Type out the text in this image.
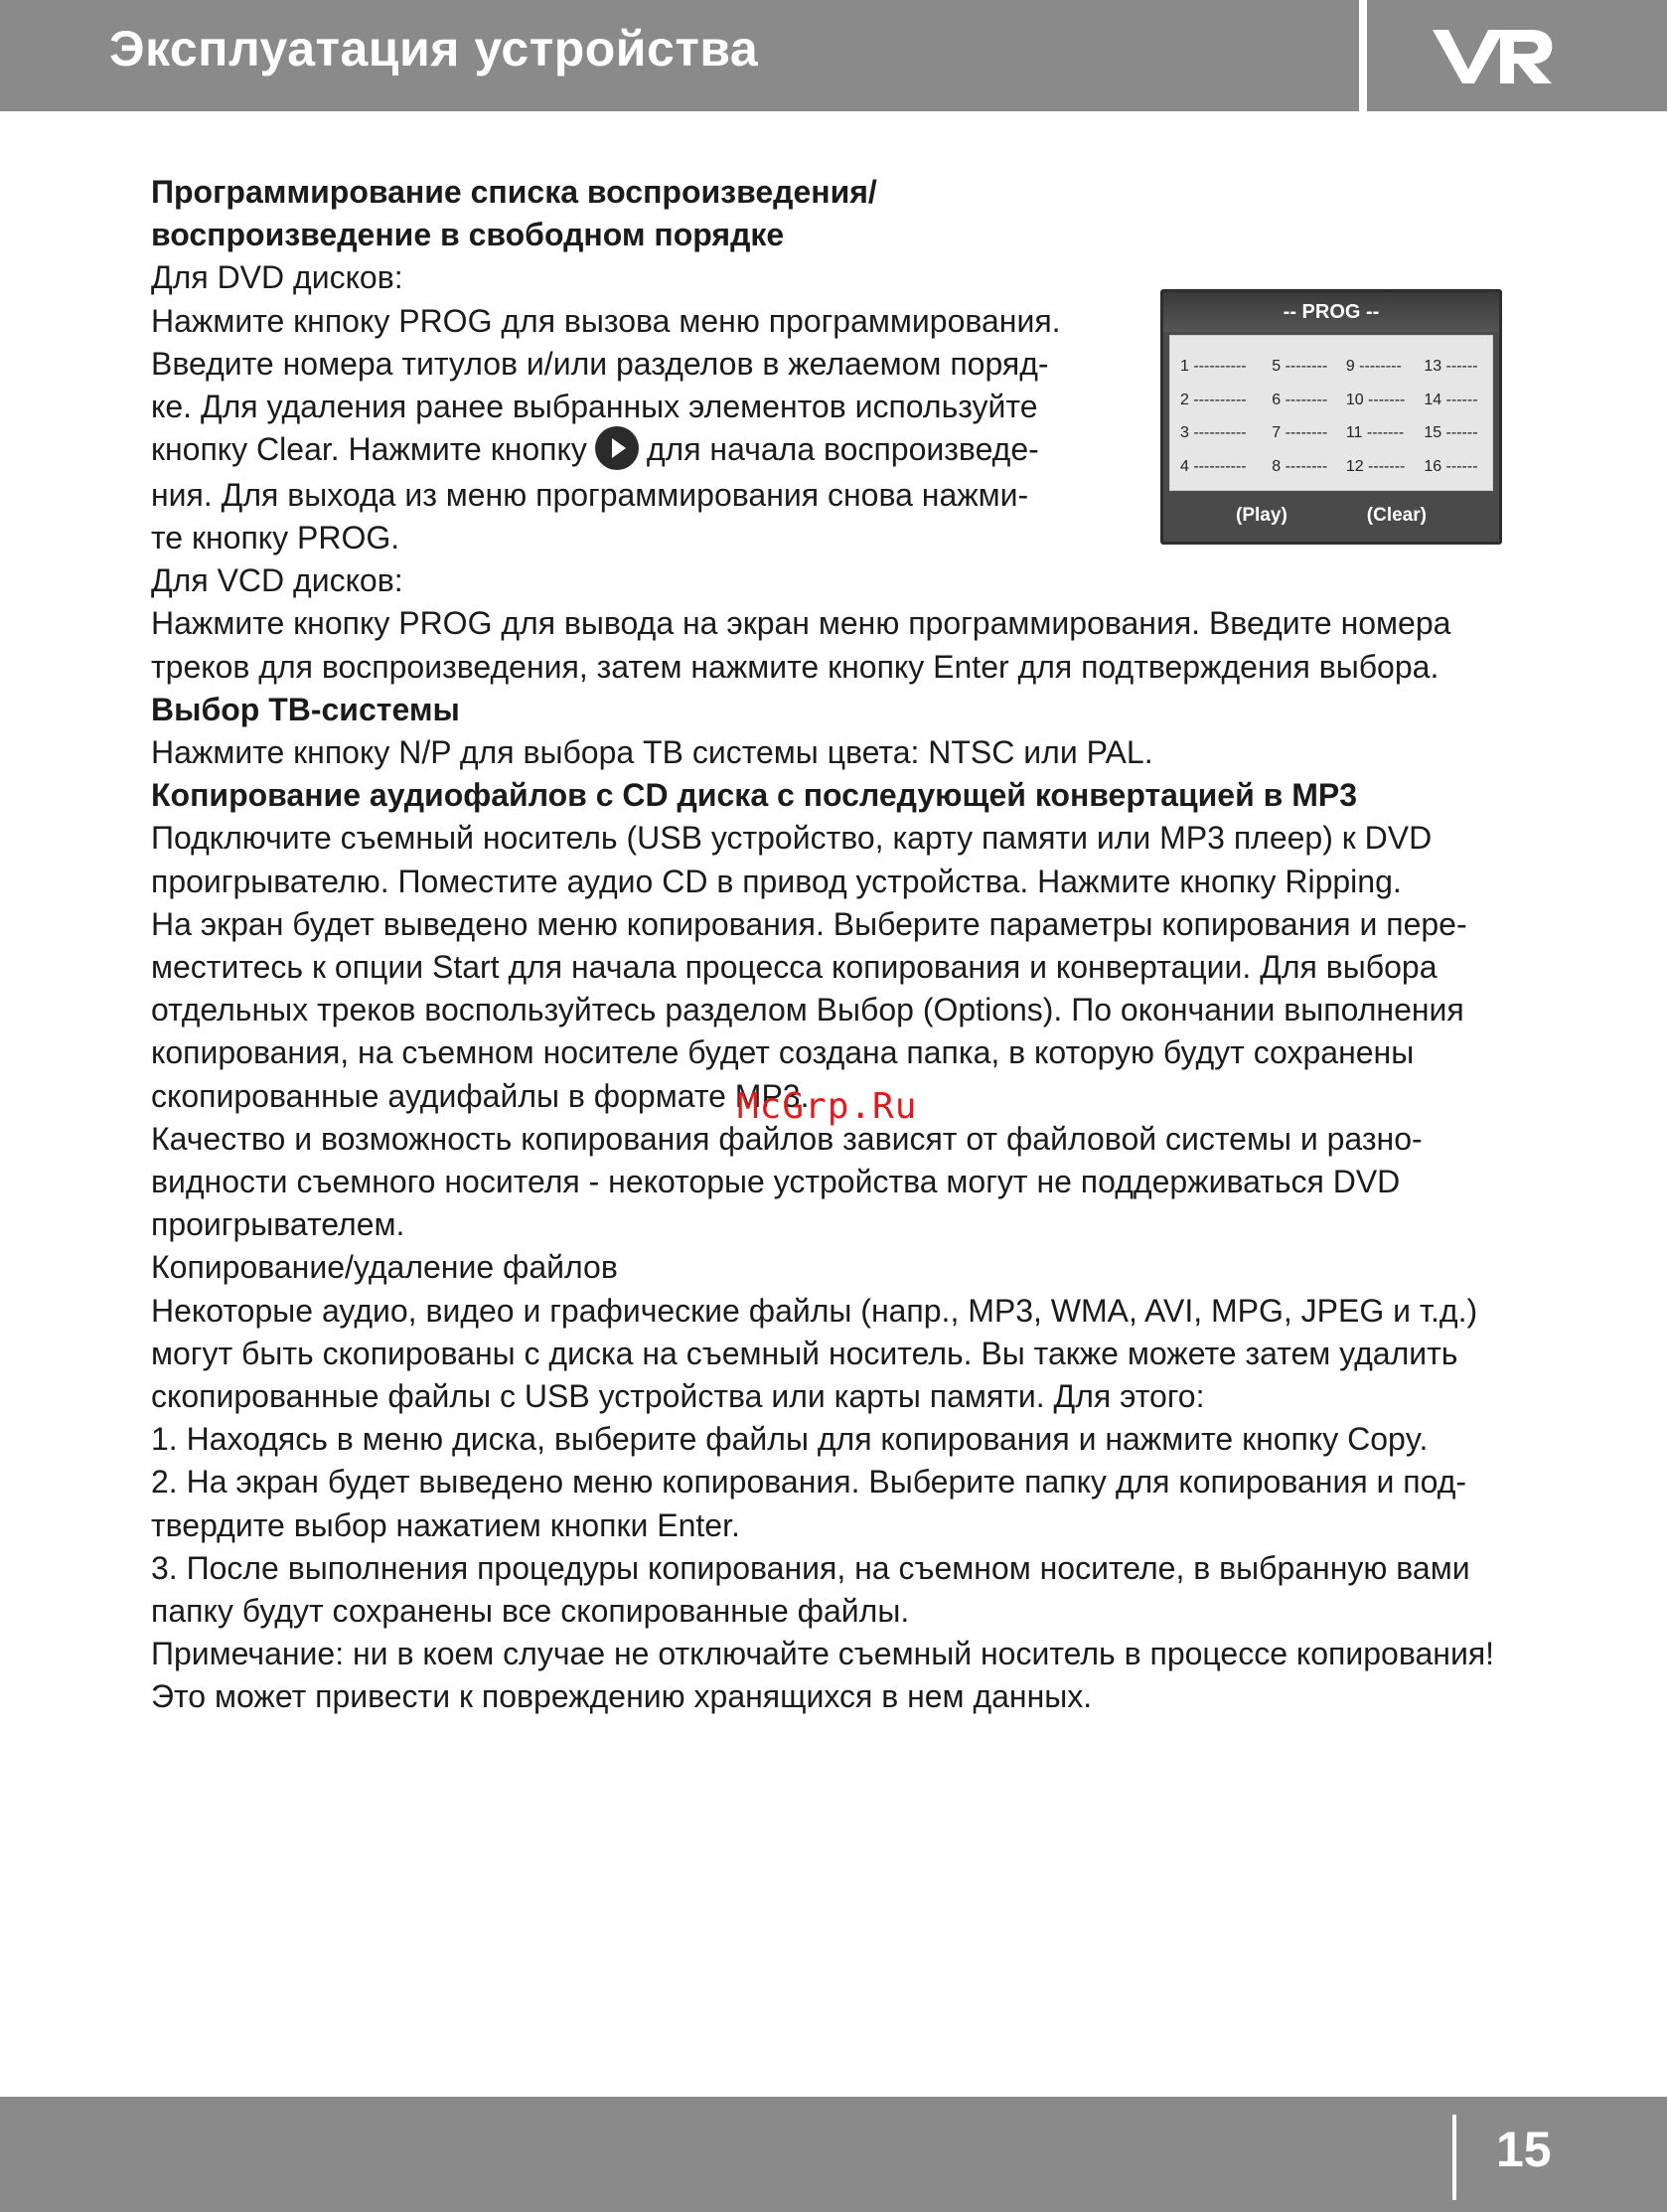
Эксплуатация устройства

Программирование списка воспроизведения/

воспроизведение в свободном порядке

Для DVD дисков:

Нажмите кнпоку PROG для вызова меню программирования.

Введите номера титулов и/или разделов в желаемом поряд-

ке. Для удаления ранее выбранных элементов используйте

кнопку Clear. Нажмите кнопку для начала воспроизведе-

ния. Для выхода из меню программирования снова нажми-

те кнопку PROG.

Для VCD дисков:

Нажмите кнопку PROG для вывода на экран меню программирования. Введите номера

треков для воспроизведения, затем нажмите кнопку Enter для подтверждения выбора.

Выбор ТВ-системы

Нажмите кнпоку N/P для выбора ТВ системы цвета: NTSC или PAL.

Копирование аудиофайлов с CD диска с последующей конвертацией в MP3

Подключите съемный носитель (USB устройство, карту памяти или MP3 плеер) к DVD

проигрывателю. Поместите аудио CD в привод устройства. Нажмите кнопку Ripping.

На экран будет выведено меню копирования. Выберите параметры копирования и пере-

меститесь к опции Start для начала процесса копирования и конвертации. Для выбора

отдельных треков воспользуйтесь разделом Выбор (Options). По окончании выполнения

копирования, на съемном носителе будет создана папка, в которую будут сохранены

скопированные аудифайлы в формате MP3.

Качество и возможность копирования файлов зависят от файловой системы и разно-

видности съемного носителя - некоторые устройства могут не поддерживаться DVD

проигрывателем.

Копирование/удаление файлов

Некоторые аудио, видео и графические файлы (напр., MP3, WMA, AVI, MPG, JPEG и т.д.)

могут быть скопированы с диска на съемный носитель. Вы также можете затем удалить

скопированные файлы с USB устройства или карты памяти. Для этого:

1. Находясь в меню диска, выберите файлы для копирования и нажмите кнопку Copy.

2. На экран будет выведено меню копирования. Выберите папку для копирования и под-

твердите выбор нажатием кнопки Enter.

3. После выполнения процедуры копирования, на съемном носителе, в выбранную вами

папку будут сохранены все скопированные файлы.

Примечание: ни в коем случае не отключайте съемный носитель в процессе копирования!

Это может привести к повреждению хранящихся в нем данных.

-- PROG --
1 ----------	5 --------	9 --------	13 ------
2 ----------	6 --------	10 -------	14 ------
3 ----------	7 --------	11 -------	15 ------
4 ----------	8 --------	12 -------	16 ------
(Play)	(Clear)
McGrp.Ru
15
